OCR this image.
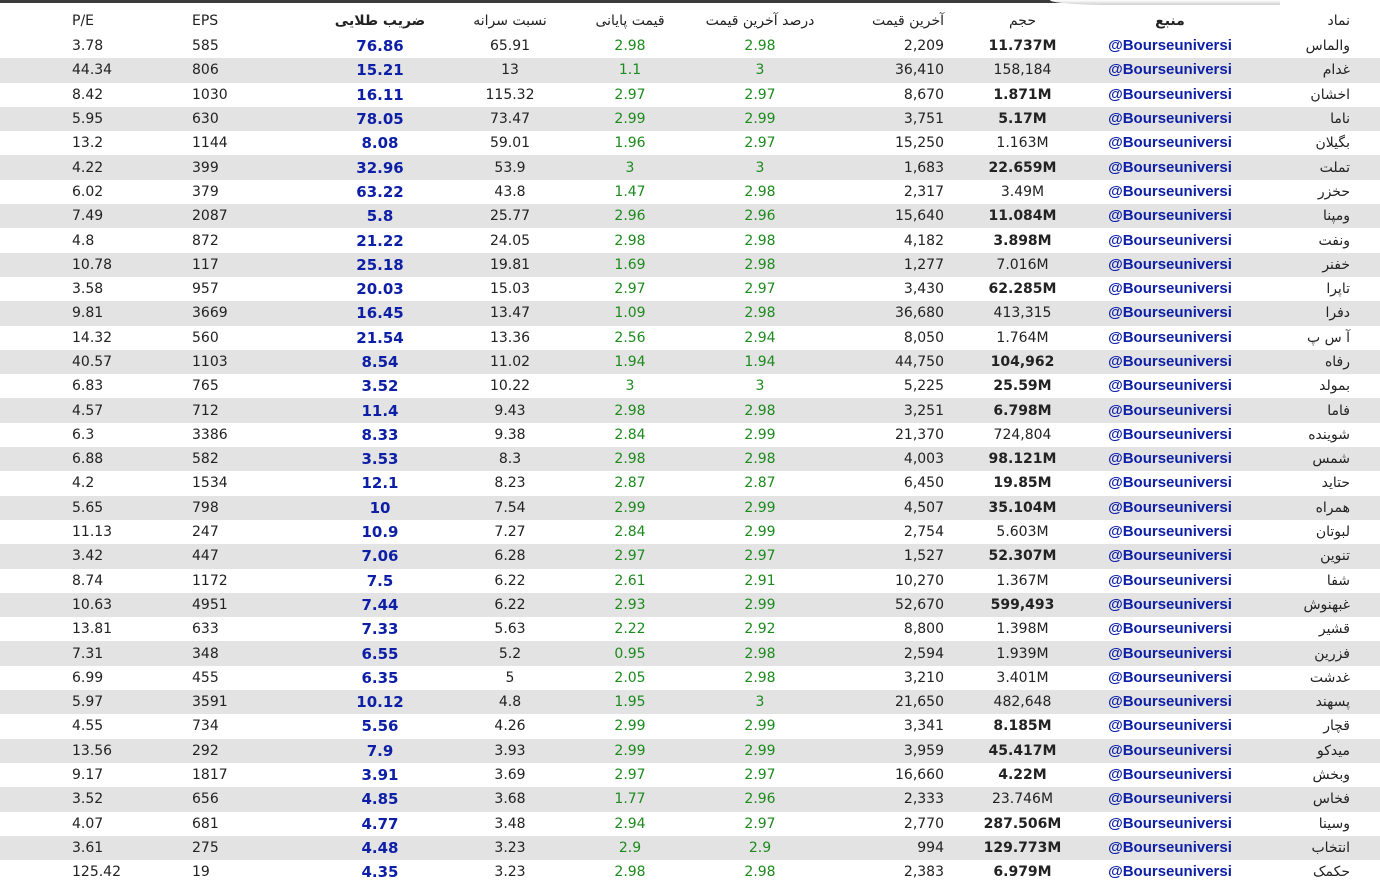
P/E	EPS	ضریب طلایی	نسبت سرانه	قیمت پایانی	درصد آخرین قیمت	آخرین قیمت	حجم	منبع	نماد
3.78	585	76.86	65.91	2.98	2.98	2,209	11.737M	@Bourseuniversi	والماس
44.34	806	15.21	13	1.1	3	36,410	158,184	@Bourseuniversi	غدام
8.42	1030	16.11	115.32	2.97	2.97	8,670	1.871M	@Bourseuniversi	اخشان
5.95	630	78.05	73.47	2.99	2.99	3,751	5.17M	@Bourseuniversi	ناما
13.2	1144	8.08	59.01	1.96	2.97	15,250	1.163M	@Bourseuniversi	بگیلان
4.22	399	32.96	53.9	3	3	1,683	22.659M	@Bourseuniversi	تملت
6.02	379	63.22	43.8	1.47	2.98	2,317	3.49M	@Bourseuniversi	حخزر
7.49	2087	5.8	25.77	2.96	2.96	15,640	11.084M	@Bourseuniversi	ومپنا
4.8	872	21.22	24.05	2.98	2.98	4,182	3.898M	@Bourseuniversi	ونفت
10.78	117	25.18	19.81	1.69	2.98	1,277	7.016M	@Bourseuniversi	خفنر
3.58	957	20.03	15.03	2.97	2.97	3,430	62.285M	@Bourseuniversi	تاپرا
9.81	3669	16.45	13.47	1.09	2.98	36,680	413,315	@Bourseuniversi	دفرا
14.32	560	21.54	13.36	2.56	2.94	8,050	1.764M	@Bourseuniversi	آ س پ
40.57	1103	8.54	11.02	1.94	1.94	44,750	104,962	@Bourseuniversi	رفاه
6.83	765	3.52	10.22	3	3	5,225	25.59M	@Bourseuniversi	بمولد
4.57	712	11.4	9.43	2.98	2.98	3,251	6.798M	@Bourseuniversi	فاما
6.3	3386	8.33	9.38	2.84	2.99	21,370	724,804	@Bourseuniversi	شوینده
6.88	582	3.53	8.3	2.98	2.98	4,003	98.121M	@Bourseuniversi	شمس
4.2	1534	12.1	8.23	2.87	2.87	6,450	19.85M	@Bourseuniversi	حتاید
5.65	798	10	7.54	2.99	2.99	4,507	35.104M	@Bourseuniversi	همراه
11.13	247	10.9	7.27	2.84	2.99	2,754	5.603M	@Bourseuniversi	لبوتان
3.42	447	7.06	6.28	2.97	2.97	1,527	52.307M	@Bourseuniversi	تنوین
8.74	1172	7.5	6.22	2.61	2.91	10,270	1.367M	@Bourseuniversi	شفا
10.63	4951	7.44	6.22	2.93	2.99	52,670	599,493	@Bourseuniversi	غبهنوش
13.81	633	7.33	5.63	2.22	2.92	8,800	1.398M	@Bourseuniversi	قشیر
7.31	348	6.55	5.2	0.95	2.98	2,594	1.939M	@Bourseuniversi	فزرین
6.99	455	6.35	5	2.05	2.98	3,210	3.401M	@Bourseuniversi	غدشت
5.97	3591	10.12	4.8	1.95	3	21,650	482,648	@Bourseuniversi	پسهند
4.55	734	5.56	4.26	2.99	2.99	3,341	8.185M	@Bourseuniversi	قچار
13.56	292	7.9	3.93	2.99	2.99	3,959	45.417M	@Bourseuniversi	میدکو
9.17	1817	3.91	3.69	2.97	2.97	16,660	4.22M	@Bourseuniversi	وبخش
3.52	656	4.85	3.68	1.77	2.96	2,333	23.746M	@Bourseuniversi	فخاس
4.07	681	4.77	3.48	2.94	2.97	2,770	287.506M	@Bourseuniversi	وسینا
3.61	275	4.48	3.23	2.9	2.9	994	129.773M	@Bourseuniversi	انتخاب
125.42	19	4.35	3.23	2.98	2.98	2,383	6.979M	@Bourseuniversi	حکمک
